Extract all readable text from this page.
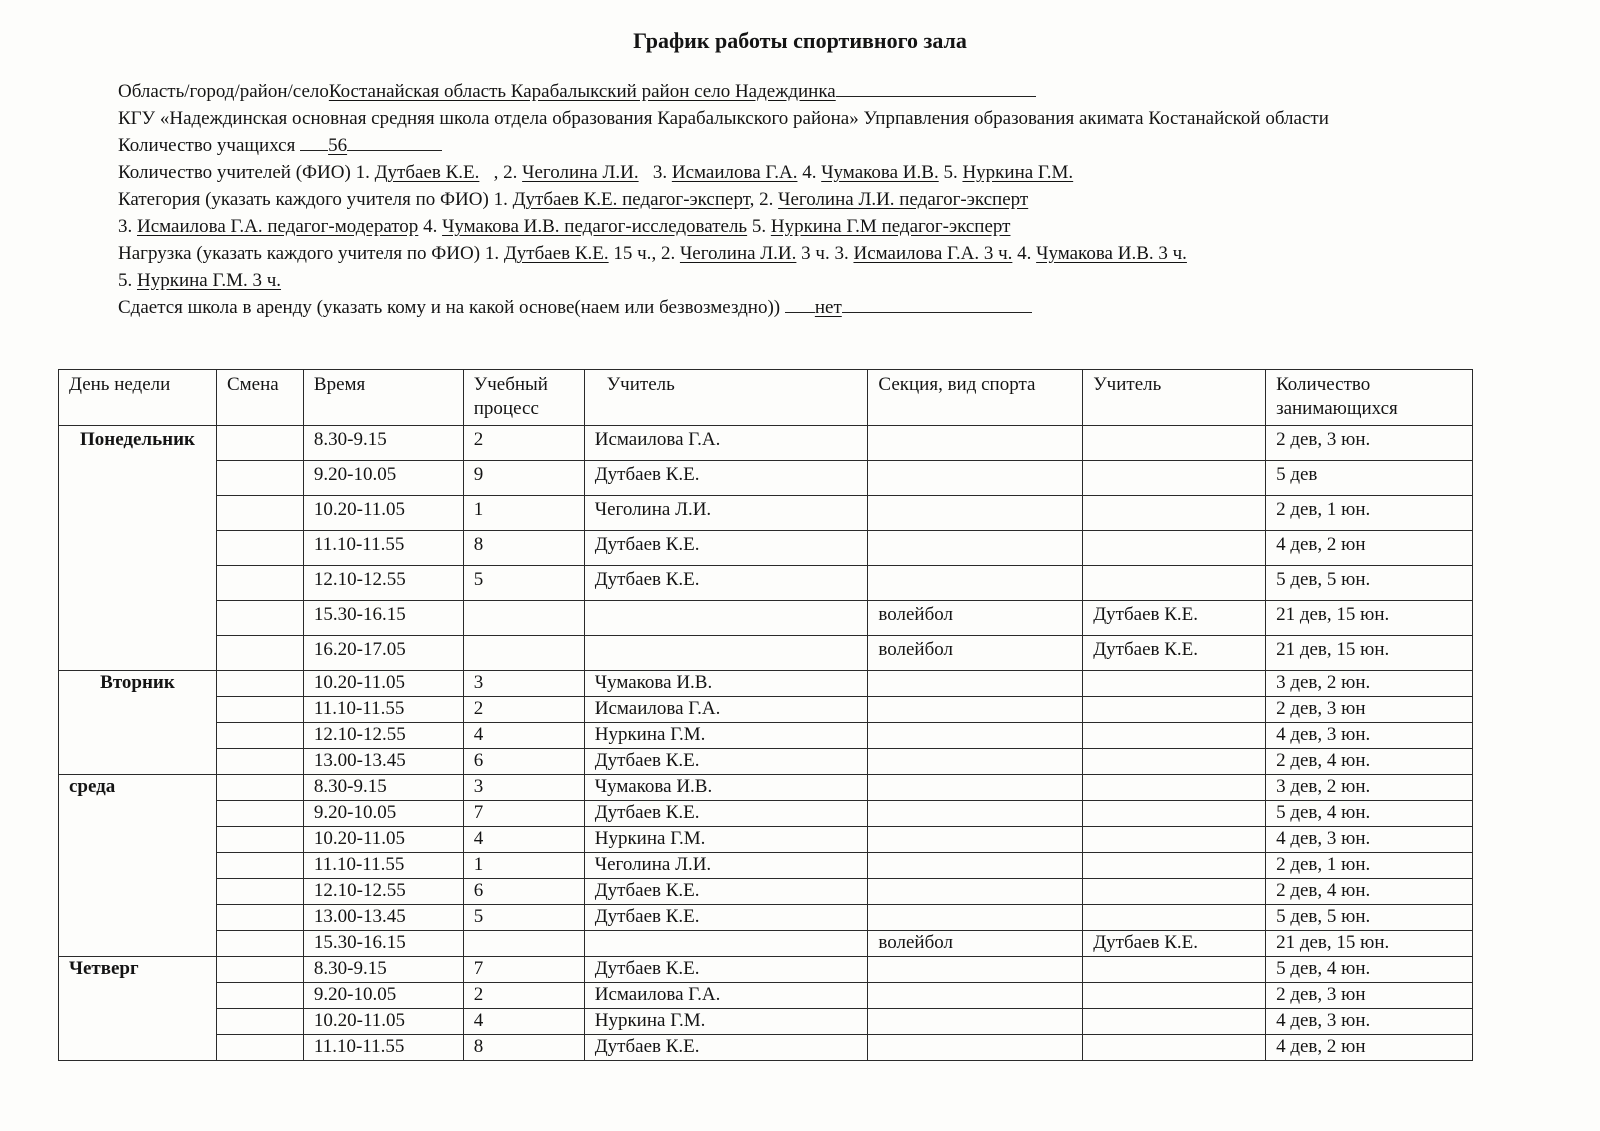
График работы спортивного зала
Область/город/район/селоКостанайская область Карабалыкский район село Надеждинка
КГУ «Надеждинская основная средняя школа отдела образования Карабалыкского района» Упрпавления образования акимата Костанайской области
Количество учащихся 56
Количество учителей (ФИО) 1. Дутбаев К.Е.   , 2. Чеголина Л.И. 3. Исмаилова Г.А. 4. Чумакова И.В. 5. Нуркина Г.М.
Категория (указать каждого учителя по ФИО) 1. Дутбаев К.Е. педагог-эксперт, 2. Чеголина Л.И. педагог-эксперт
3. Исмаилова Г.А. педагог-модератор 4. Чумакова И.В. педагог-исследователь 5. Нуркина Г.М педагог-эксперт
Нагрузка (указать каждого учителя по ФИО) 1. Дутбаев К.Е. 15 ч., 2. Чеголина Л.И. 3 ч. 3. Исмаилова Г.А. 3 ч. 4. Чумакова И.В. 3 ч.
5. Нуркина Г.М. 3 ч.
Сдается школа в аренду (указать кому и на какой основе(наем или безвозмездно)) нет
День недели	Смена	Время	Учебный процесс	Учитель	Секция, вид спорта	Учитель	Количество занимающихся
Понедельник		8.30-9.15	2	Исмаилова Г.А.			2 дев, 3 юн.
		9.20-10.05	9	Дутбаев К.Е.			5 дев
		10.20-11.05	1	Чеголина Л.И.			2 дев, 1 юн.
		11.10-11.55	8	Дутбаев К.Е.			4 дев, 2 юн
		12.10-12.55	5	Дутбаев К.Е.			5 дев, 5 юн.
		15.30-16.15			волейбол	Дутбаев К.Е.	21 дев, 15 юн.
		16.20-17.05			волейбол	Дутбаев К.Е.	21 дев, 15 юн.
Вторник		10.20-11.05	3	Чумакова И.В.			3 дев, 2 юн.
		11.10-11.55	2	Исмаилова Г.А.			2 дев, 3 юн
		12.10-12.55	4	Нуркина Г.М.			4 дев, 3 юн.
		13.00-13.45	6	Дутбаев К.Е.			2 дев, 4 юн.
среда		8.30-9.15	3	Чумакова И.В.			3 дев, 2 юн.
		9.20-10.05	7	Дутбаев К.Е.			5 дев, 4 юн.
		10.20-11.05	4	Нуркина Г.М.			4 дев, 3 юн.
		11.10-11.55	1	Чеголина Л.И.			2 дев, 1 юн.
		12.10-12.55	6	Дутбаев К.Е.			2 дев, 4 юн.
		13.00-13.45	5	Дутбаев К.Е.			5 дев, 5 юн.
		15.30-16.15			волейбол	Дутбаев К.Е.	21 дев, 15 юн.
Четверг		8.30-9.15	7	Дутбаев К.Е.			5 дев, 4 юн.
		9.20-10.05	2	Исмаилова Г.А.			2 дев, 3 юн
		10.20-11.05	4	Нуркина Г.М.			4 дев, 3 юн.
		11.10-11.55	8	Дутбаев К.Е.			4 дев, 2 юн
